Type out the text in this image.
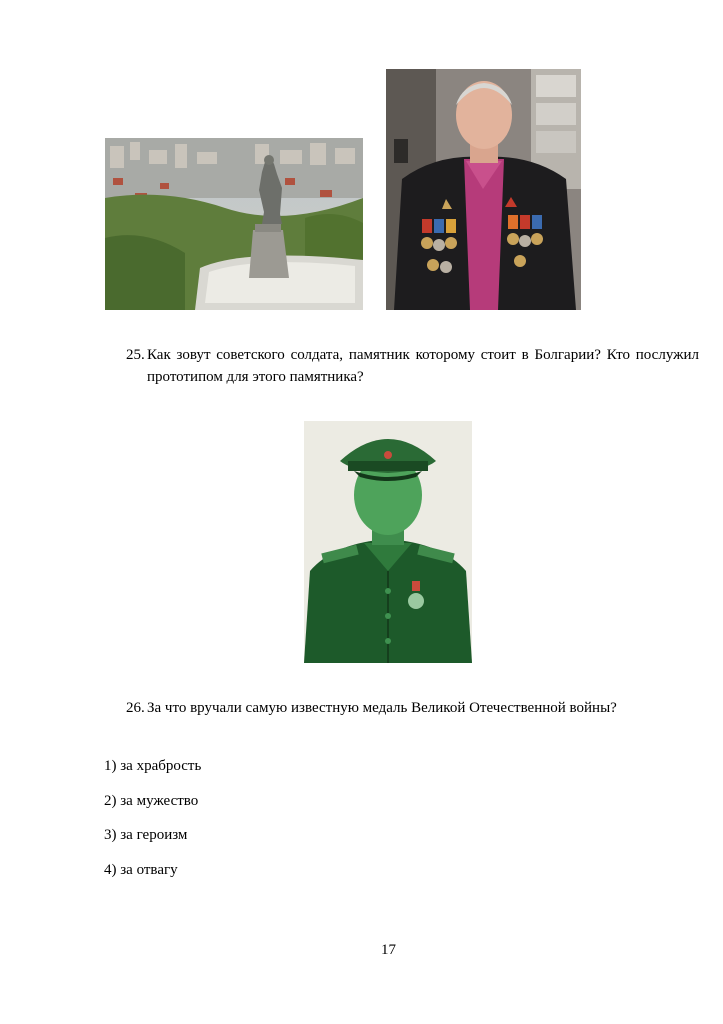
25. Как зовут советского солдата, памятник которому стоит в Болгарии? Кто послужил прототипом для этого памятника?
26. За что вручали самую известную медаль Великой Отечественной войны?
1) за храбрость
2) за мужество
3) за героизм
4) за отвагу
17
